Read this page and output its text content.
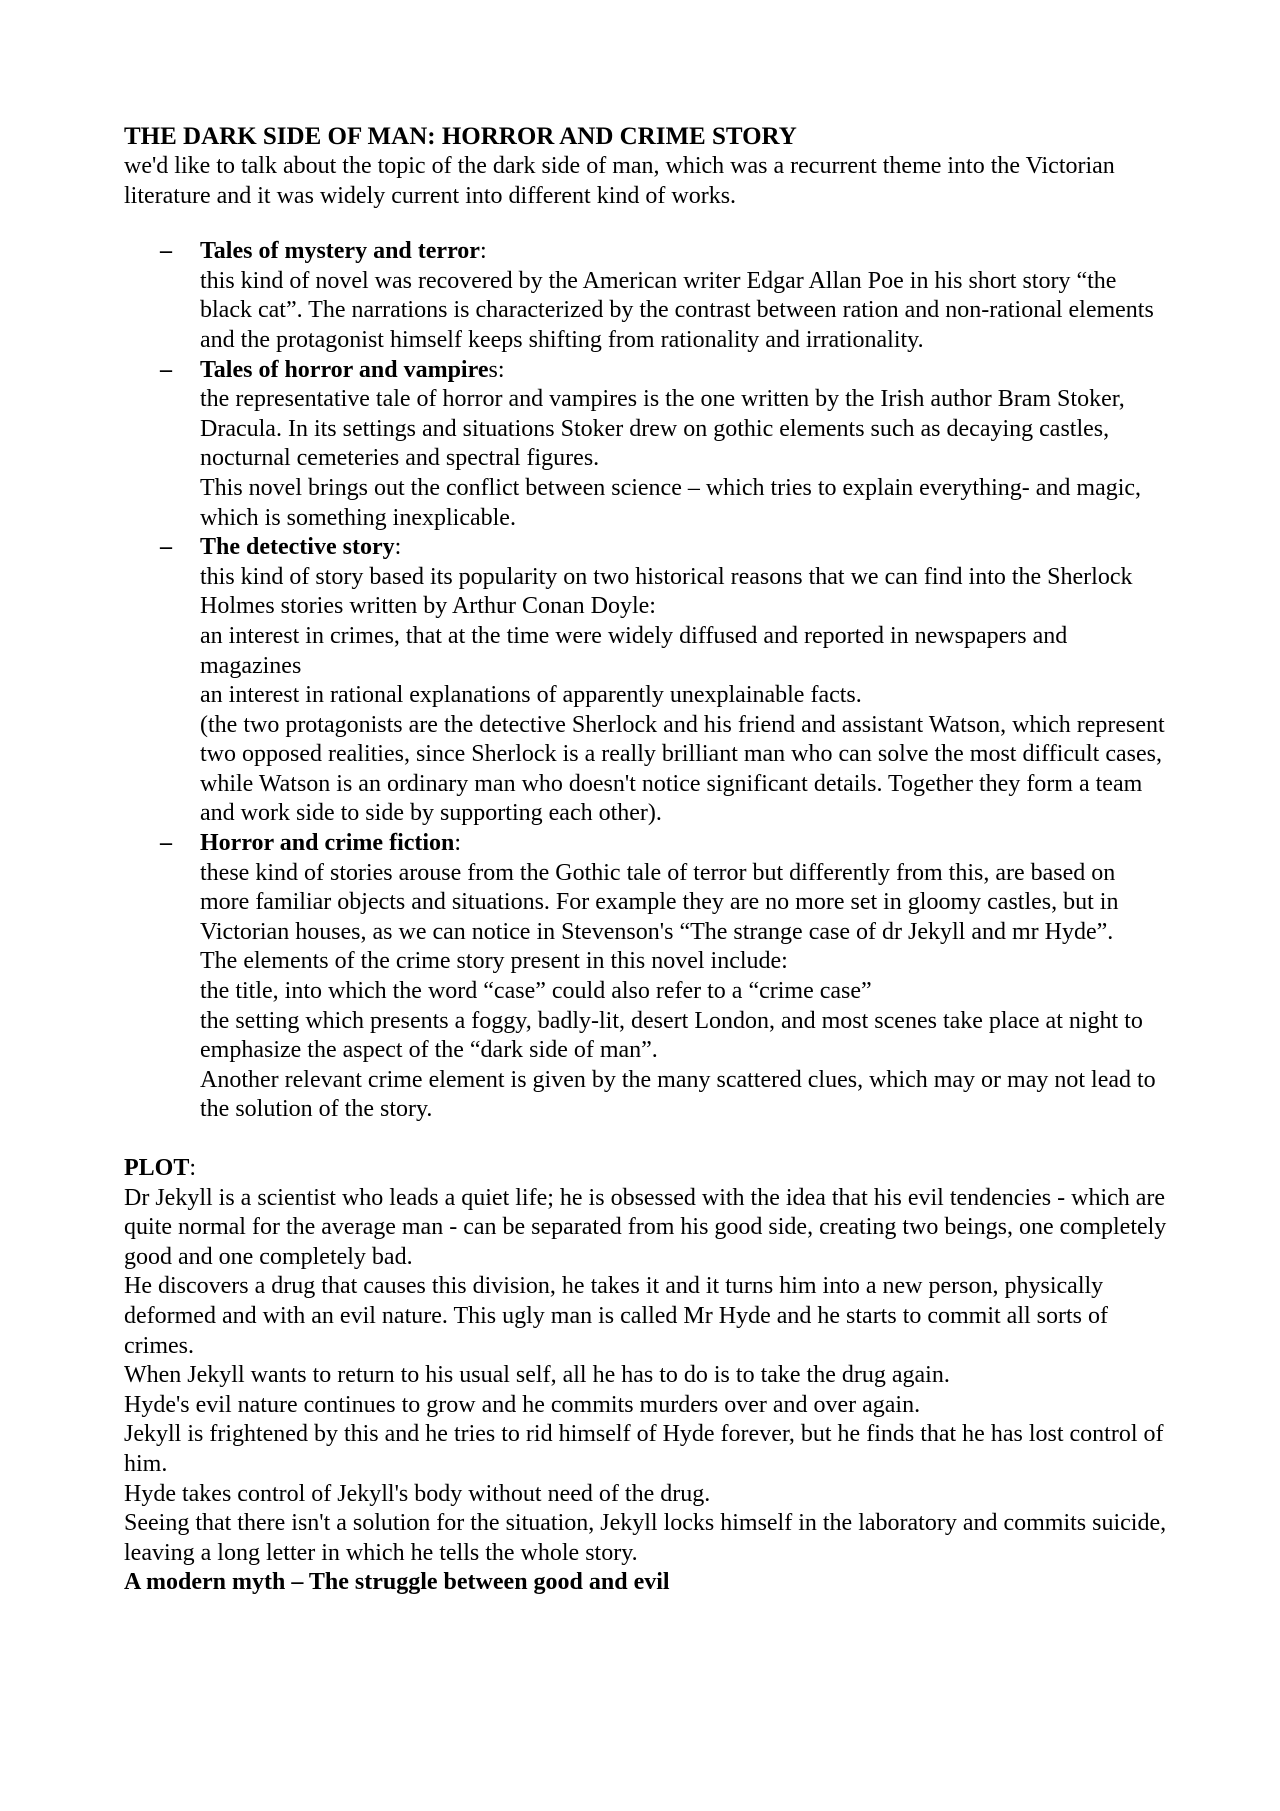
THE DARK SIDE OF MAN: HORROR AND CRIME STORY

we'd like to talk about the topic of the dark side of man, which was a recurrent theme into the Victorian literature and it was widely current into different kind of works.

–	Tales of mystery and terror:

this kind of novel was recovered by the American writer Edgar Allan Poe in his short story “the black cat”. The narrations is characterized by the contrast between ration and non-rational elements and the protagonist himself keeps shifting from rationality and irrationality.

–	Tales of horror and vampires:

the representative tale of horror and vampires is the one written by the Irish author Bram Stoker, Dracula. In its settings and situations Stoker drew on gothic elements such as decaying castles, nocturnal cemeteries and spectral figures.

This novel brings out the conflict between science – which tries to explain everything- and magic, which is something inexplicable.

–	The detective story:

this kind of story based its popularity on two historical reasons that we can find into the Sherlock Holmes stories written by Arthur Conan Doyle:

an interest in crimes, that at the time were widely diffused and reported in newspapers and magazines

an interest in rational explanations of apparently unexplainable facts.

(the two protagonists are the detective Sherlock and his friend and assistant Watson, which represent two opposed realities, since Sherlock is a really brilliant man who can solve the most difficult cases, while Watson is an ordinary man who doesn't notice significant details. Together they form a team and work side to side by supporting each other).

–	Horror and crime fiction:

these kind of stories arouse from the Gothic tale of terror but differently from this, are based on more familiar objects and situations. For example they are no more set in gloomy castles, but in Victorian houses, as we can notice in Stevenson's “The strange case of dr Jekyll and mr Hyde”.

The elements of the crime story present in this novel include:

the title, into which the word “case” could also refer to a “crime case”

the setting which presents a foggy, badly-lit, desert London, and most scenes take place at night to emphasize the aspect of the “dark side of man”.

Another relevant crime element is given by the many scattered clues, which may or may not lead to the solution of the story.

PLOT:

Dr Jekyll is a scientist who leads a quiet life; he is obsessed with the idea that his evil tendencies - which are quite normal for the average man - can be separated from his good side, creating two beings, one completely good and one completely bad.

He discovers a drug that causes this division, he takes it and it turns him into a new person, physically deformed and with an evil nature. This ugly man is called Mr Hyde and he starts to commit all sorts of crimes.

When Jekyll wants to return to his usual self, all he has to do is to take the drug again.

Hyde's evil nature continues to grow and he commits murders over and over again.

Jekyll is frightened by this and he tries to rid himself of Hyde forever, but he finds that he has lost control of him.

Hyde takes control of Jekyll's body without need of the drug.

Seeing that there isn't a solution for the situation, Jekyll locks himself in the laboratory and commits suicide, leaving a long letter in which he tells the whole story.

A modern myth – The struggle between good and evil
